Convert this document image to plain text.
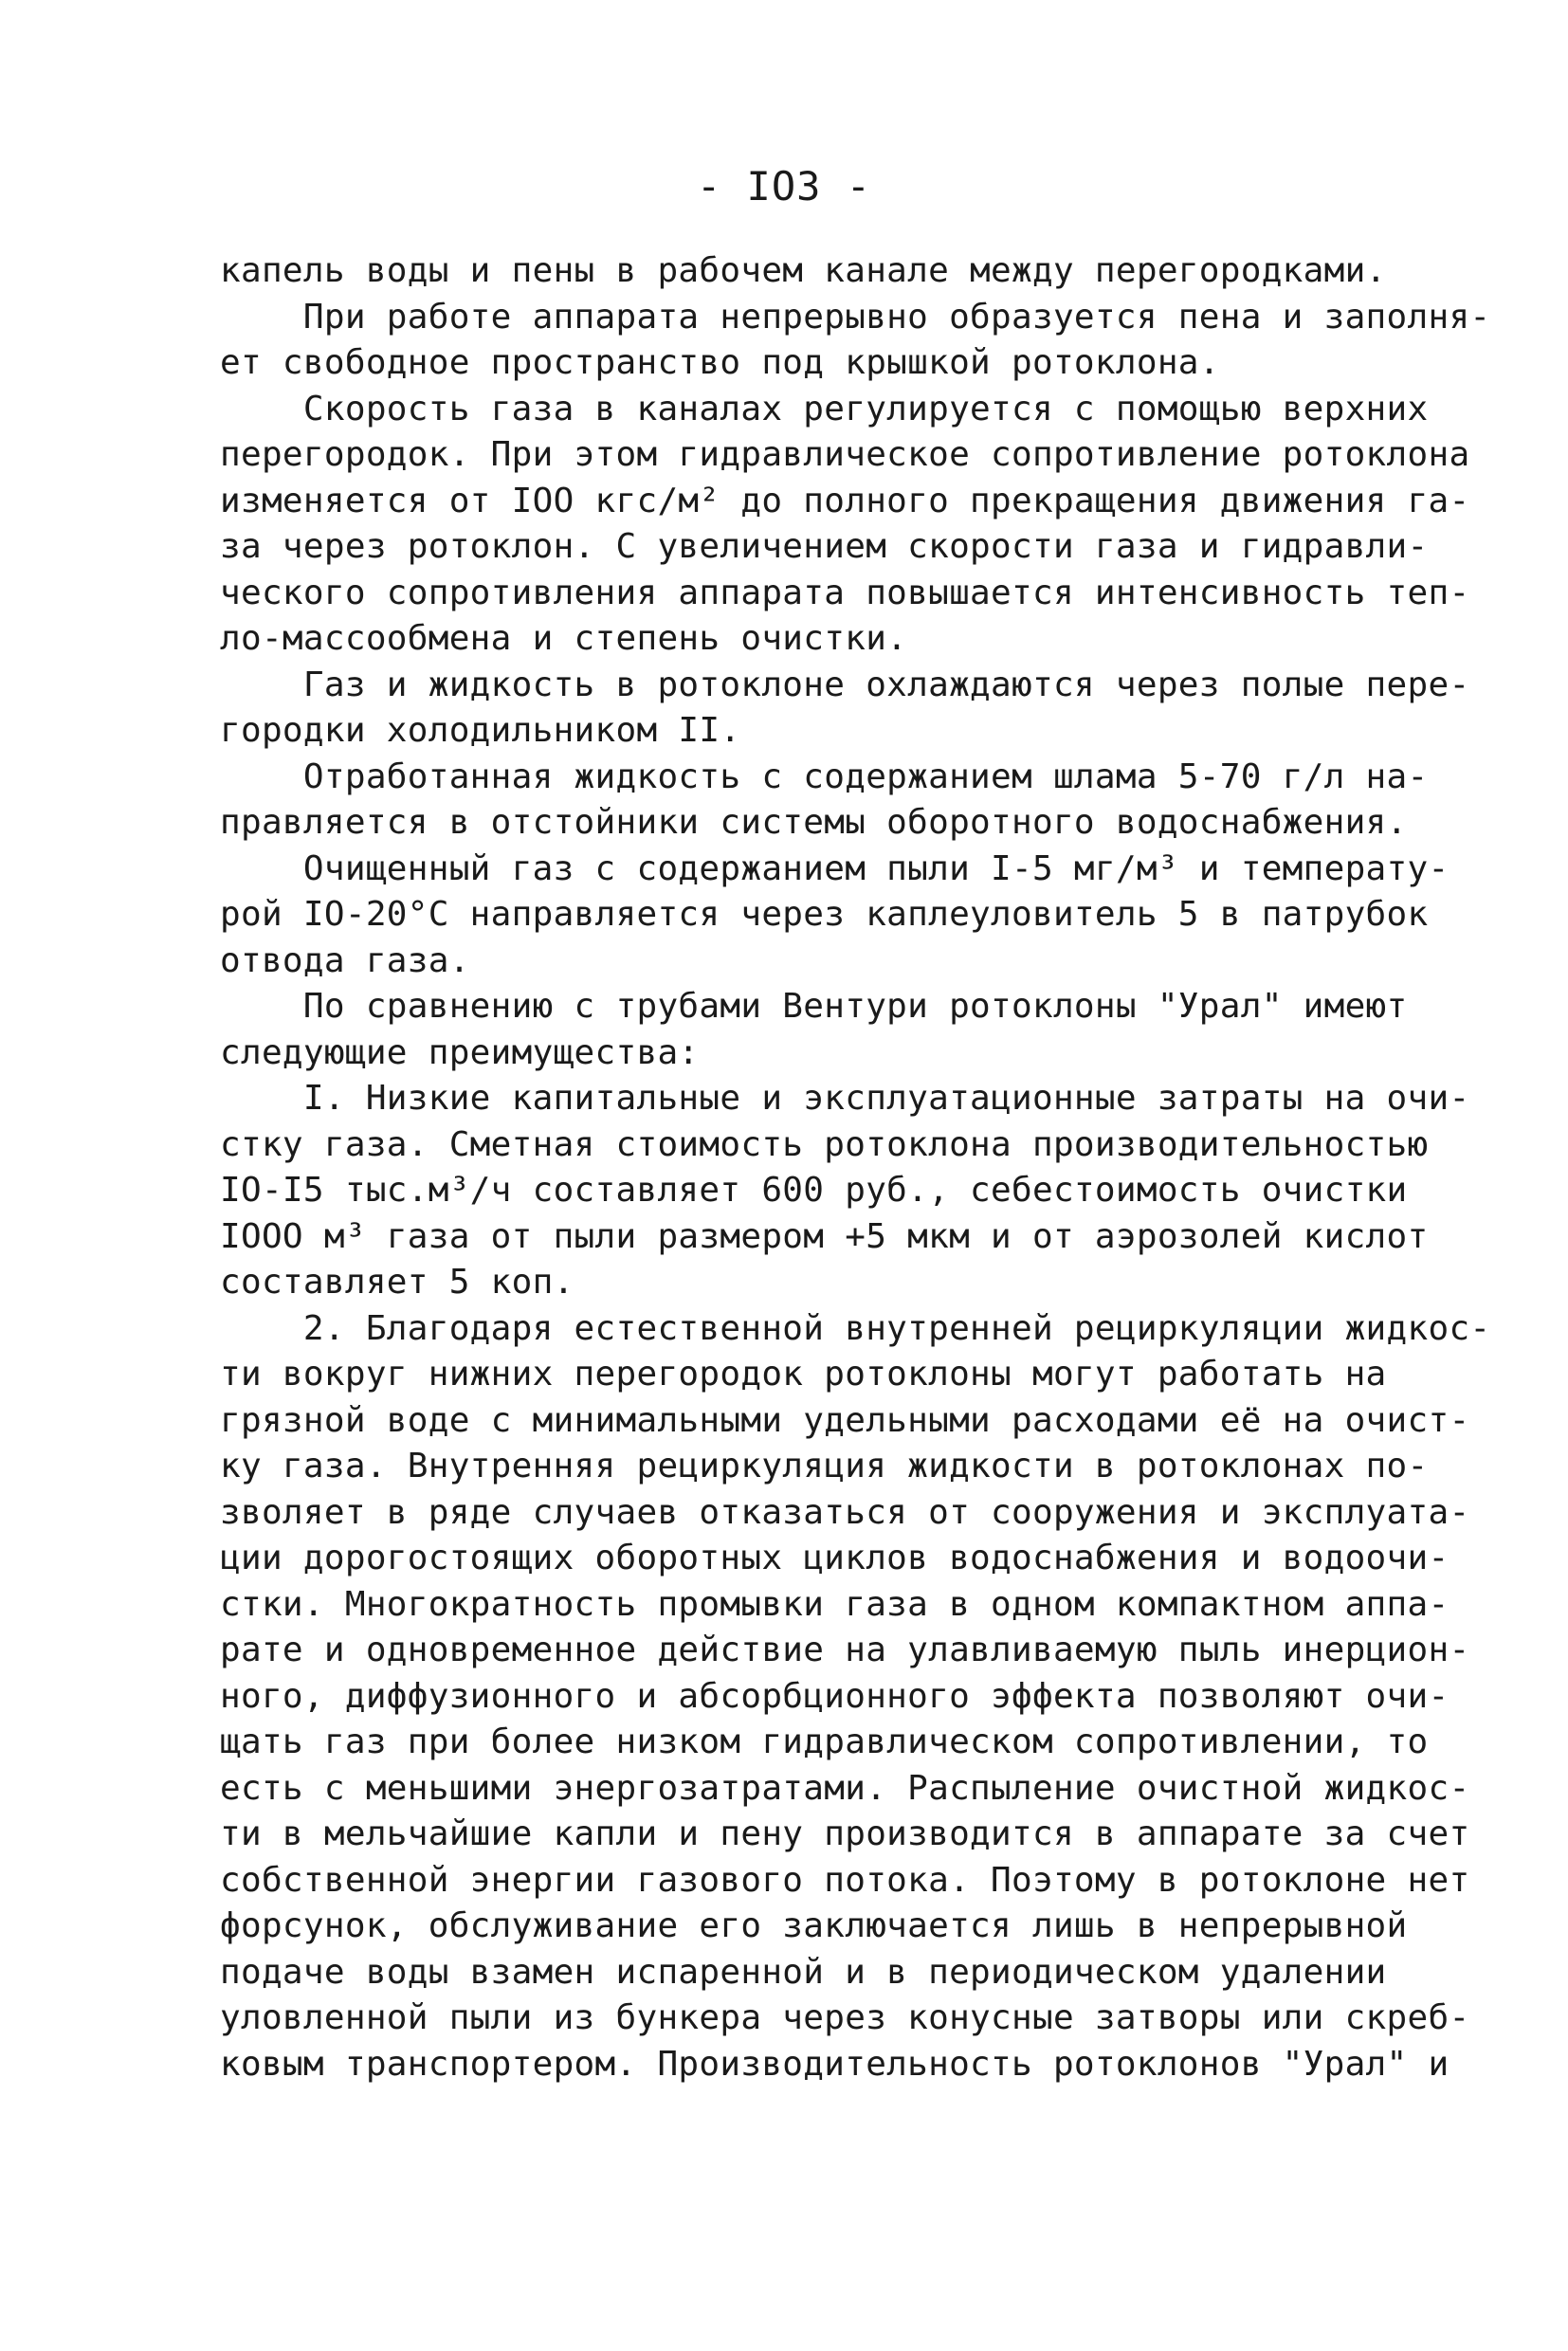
- IO3 -
капель воды и пены в рабочем канале между перегородками.
При работе аппарата непрерывно образуется пена и заполня-
ет свободное пространство под крышкой ротоклона.
Скорость газа в каналах регулируется с помощью верхних
перегородок. При этом гидравлическое сопротивление ротоклона
изменяется от IOO кгс/м² до полного прекращения движения га-
за через ротоклон. С увеличением скорости газа и гидравли-
ческого сопротивления аппарата повышается интенсивность теп-
ло-массообмена и степень очистки.
Газ и жидкость в ротоклоне охлаждаются через полые пере-
городки холодильником II.
Отработанная жидкость с содержанием шлама 5-70 г/л на-
правляется в отстойники системы оборотного водоснабжения.
Очищенный газ с содержанием пыли I-5 мг/м³ и температу-
рой IO-20°C направляется через каплеуловитель 5 в патрубок
отвода газа.
По сравнению с трубами Вентури ротоклоны "Урал" имеют
следующие преимущества:
I. Низкие капитальные и эксплуатационные затраты на очи-
стку газа. Сметная стоимость ротоклона производительностью
IO-I5 тыс.м³/ч составляет 600 руб., себестоимость очистки
IOOO м³ газа от пыли размером +5 мкм и от аэрозолей кислот
составляет 5 коп.
2. Благодаря естественной внутренней рециркуляции жидкос-
ти вокруг нижних перегородок ротоклоны могут работать на
грязной воде с минимальными удельными расходами её на очист-
ку газа. Внутренняя рециркуляция жидкости в ротоклонах по-
зволяет в ряде случаев отказаться от сооружения и эксплуата-
ции дорогостоящих оборотных циклов водоснабжения и водоочи-
стки. Многократность промывки газа в одном компактном аппа-
рате и одновременное действие на улавливаемую пыль инерцион-
ного, диффузионного и абсорбционного эффекта позволяют очи-
щать газ при более низком гидравлическом сопротивлении, то
есть с меньшими энергозатратами. Распыление очистной жидкос-
ти в мельчайшие капли и пену производится в аппарате за счет
собственной энергии газового потока. Поэтому в ротоклоне нет
форсунок, обслуживание его заключается лишь в непрерывной
подаче воды взамен испаренной и в периодическом удалении
уловленной пыли из бункера через конусные затворы или скреб-
ковым транспортером. Производительность ротоклонов "Урал" и
